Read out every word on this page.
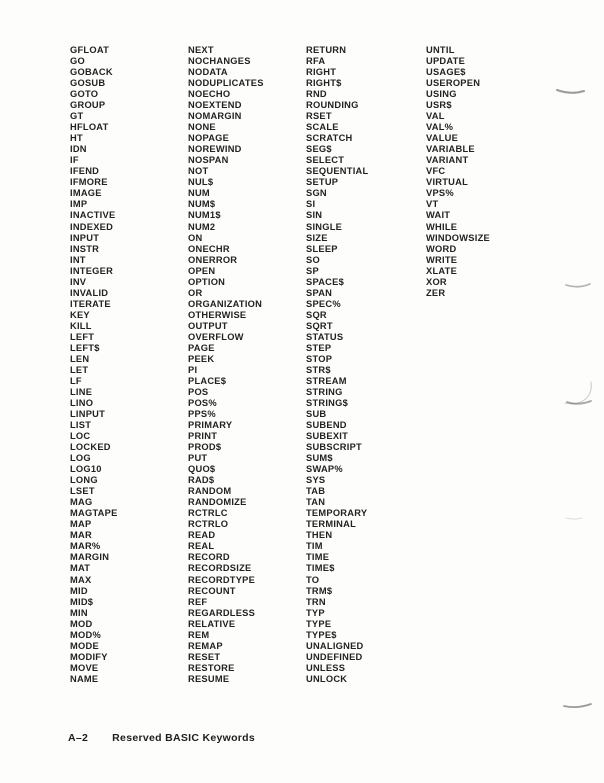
GFLOAT
GO
GOBACK
GOSUB
GOTO
GROUP
GT
HFLOAT
HT
IDN
IF
IFEND
IFMORE
IMAGE
IMP
INACTIVE
INDEXED
INPUT
INSTR
INT
INTEGER
INV
INVALID
ITERATE
KEY
KILL
LEFT
LEFT$
LEN
LET
LF
LINE
LINO
LINPUT
LIST
LOC
LOCKED
LOG
LOG10
LONG
LSET
MAG
MAGTAPE
MAP
MAR
MAR%
MARGIN
MAT
MAX
MID
MID$
MIN
MOD
MOD%
MODE
MODIFY
MOVE
NAME
NEXT
NOCHANGES
NODATA
NODUPLICATES
NOECHO
NOEXTEND
NOMARGIN
NONE
NOPAGE
NOREWIND
NOSPAN
NOT
NUL$
NUM
NUM$
NUM1$
NUM2
ON
ONECHR
ONERROR
OPEN
OPTION
OR
ORGANIZATION
OTHERWISE
OUTPUT
OVERFLOW
PAGE
PEEK
PI
PLACE$
POS
POS%
PPS%
PRIMARY
PRINT
PROD$
PUT
QUO$
RAD$
RANDOM
RANDOMIZE
RCTRLC
RCTRLO
READ
REAL
RECORD
RECORDSIZE
RECORDTYPE
RECOUNT
REF
REGARDLESS
RELATIVE
REM
REMAP
RESET
RESTORE
RESUME
RETURN
RFA
RIGHT
RIGHT$
RND
ROUNDING
RSET
SCALE
SCRATCH
SEG$
SELECT
SEQUENTIAL
SETUP
SGN
SI
SIN
SINGLE
SIZE
SLEEP
SO
SP
SPACE$
SPAN
SPEC%
SQR
SQRT
STATUS
STEP
STOP
STR$
STREAM
STRING
STRING$
SUB
SUBEND
SUBEXIT
SUBSCRIPT
SUM$
SWAP%
SYS
TAB
TAN
TEMPORARY
TERMINAL
THEN
TIM
TIME
TIME$
TO
TRM$
TRN
TYP
TYPE
TYPE$
UNALIGNED
UNDEFINED
UNLESS
UNLOCK
UNTIL
UPDATE
USAGE$
USEROPEN
USING
USR$
VAL
VAL%
VALUE
VARIABLE
VARIANT
VFC
VIRTUAL
VPS%
VT
WAIT
WHILE
WINDOWSIZE
WORD
WRITE
XLATE
XOR
ZER
A–2 Reserved BASIC Keywords
